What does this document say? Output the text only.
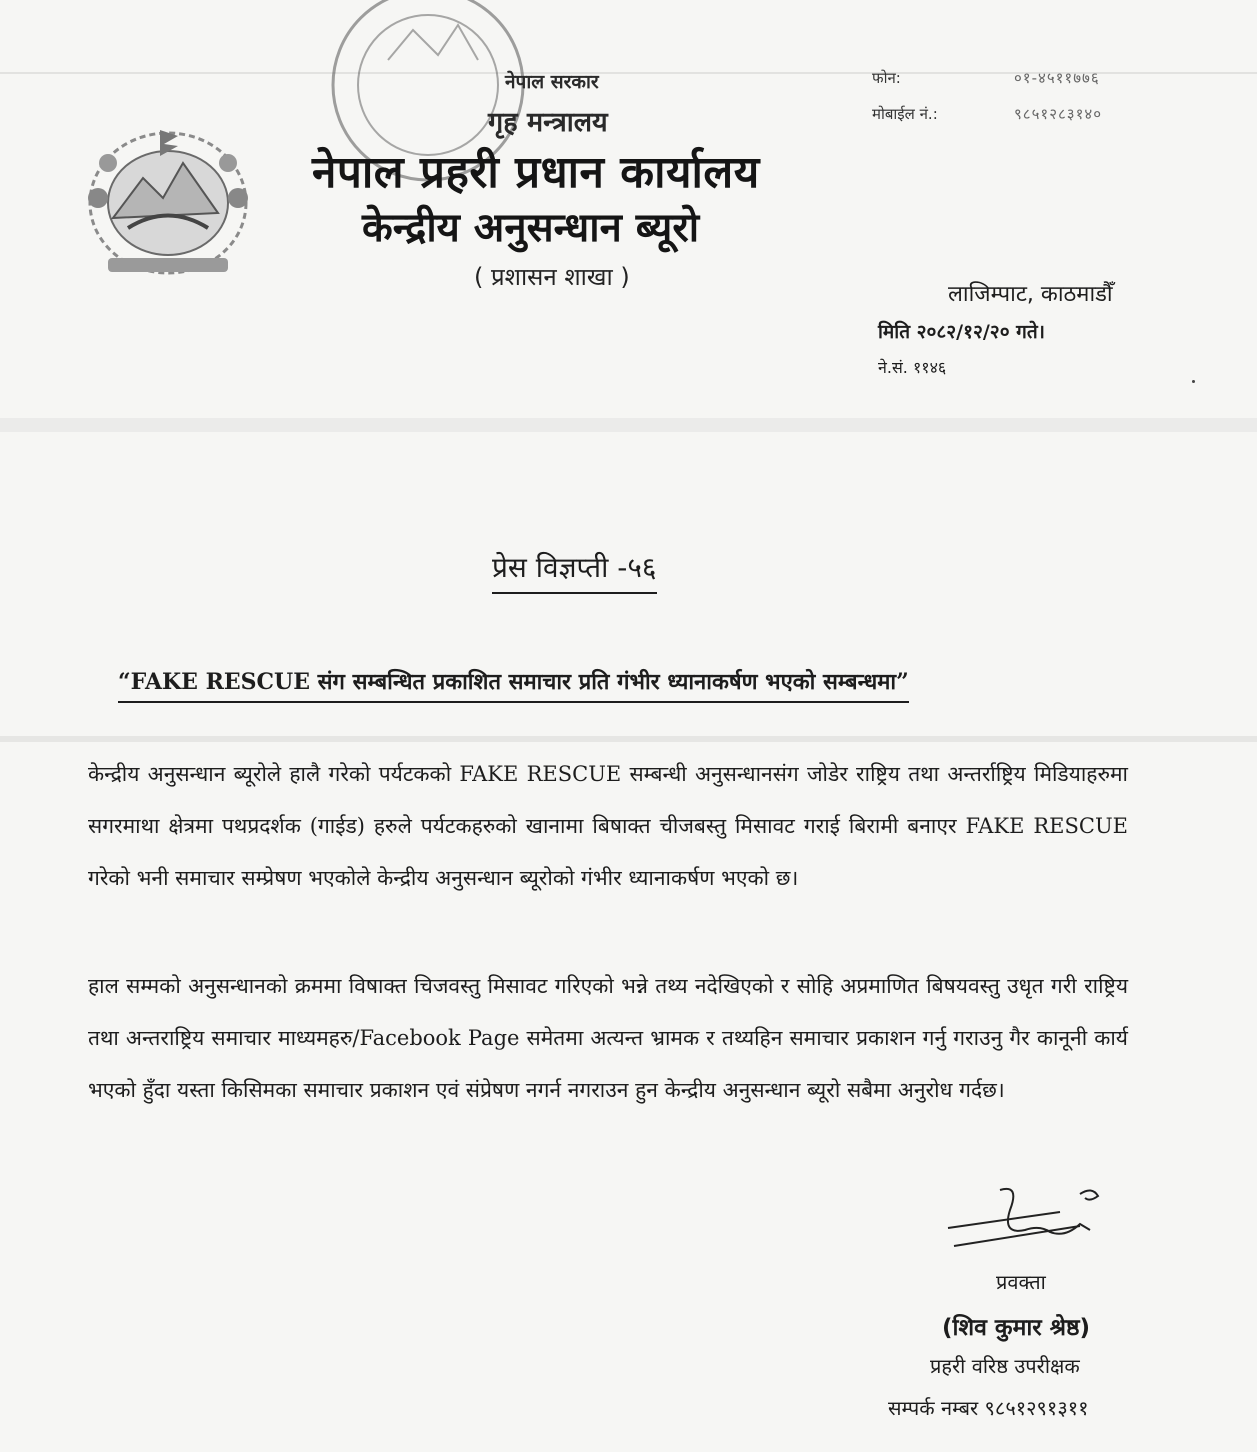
नेपाल सरकार
गृह मन्त्रालय
नेपाल प्रहरी प्रधान कार्यालय
केन्द्रीय अनुसन्धान ब्यूरो
( प्रशासन शाखा )
फोन:	०१-४५११७७६
मोबाईल नं.:	९८५१२८३१४०
लाजिम्पाट, काठमाडौँ
मिति २०८२/१२/२० गते।
ने.सं. ११४६
प्रेस विज्ञप्ती -५६
“FAKE RESCUE संग सम्बन्धित प्रकाशित समाचार प्रति गंभीर ध्यानाकर्षण भएको सम्बन्धमा”
केन्द्रीय अनुसन्धान ब्यूरोले हालै गरेको पर्यटकको FAKE RESCUE सम्बन्धी अनुसन्धानसंग जोडेर राष्ट्रिय तथा अन्तर्राष्ट्रिय मिडियाहरुमा सगरमाथा क्षेत्रमा पथप्रदर्शक (गाईड) हरुले पर्यटकहरुको खानामा बिषाक्त चीजबस्तु मिसावट गराई बिरामी बनाएर FAKE RESCUE गरेको भनी समाचार सम्प्रेषण भएकोले केन्द्रीय अनुसन्धान ब्यूरोको गंभीर ध्यानाकर्षण भएको छ।
हाल सम्मको अनुसन्धानको क्रममा विषाक्त चिजवस्तु मिसावट गरिएको भन्ने तथ्य नदेखिएको र सोहि अप्रमाणित बिषयवस्तु उधृत गरी राष्ट्रिय तथा अन्तराष्ट्रिय समाचार माध्यमहरु/Facebook Page समेतमा अत्यन्त भ्रामक र तथ्यहिन समाचार प्रकाशन गर्नु गराउनु गैर कानूनी कार्य भएको हुँदा यस्ता किसिमका समाचार प्रकाशन एवं संप्रेषण नगर्न नगराउन हुन केन्द्रीय अनुसन्धान ब्यूरो सबैमा अनुरोध गर्दछ।
प्रवक्ता
(शिव कुमार श्रेष्ठ)
प्रहरी वरिष्ठ उपरीक्षक
सम्पर्क नम्बर ९८५१२९१३११
